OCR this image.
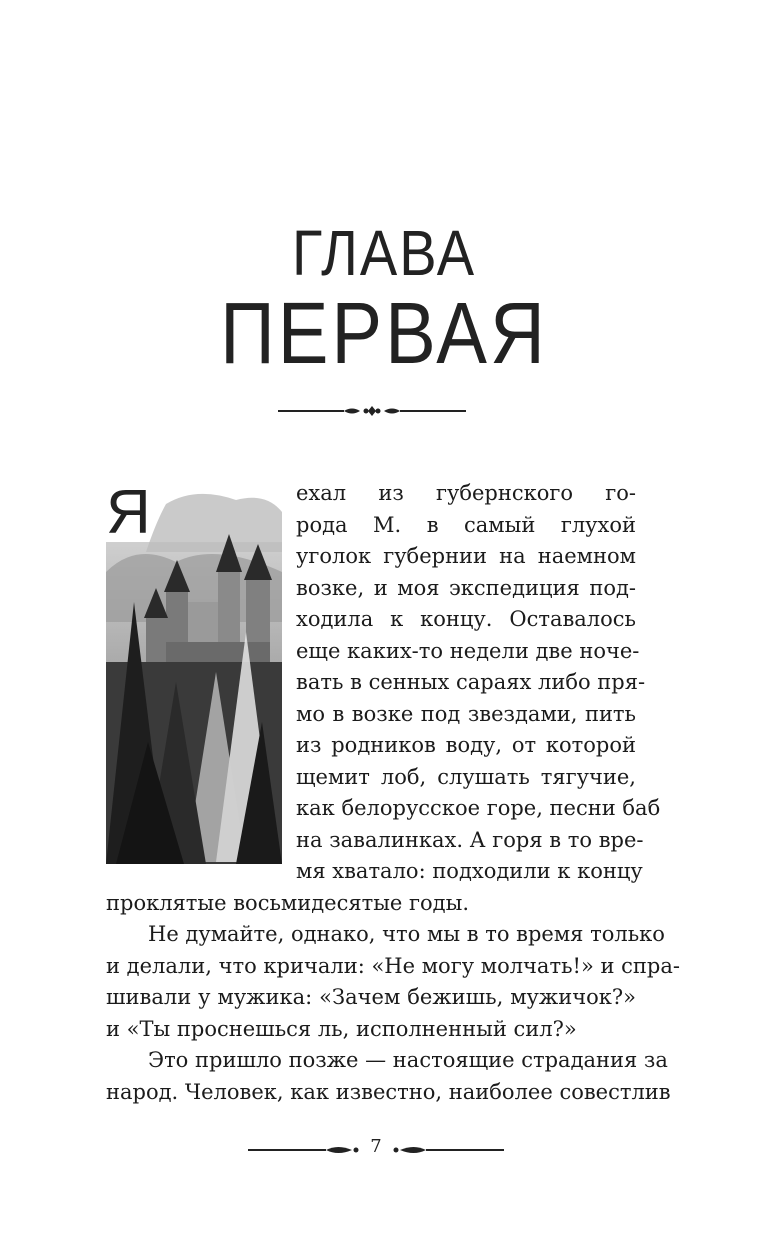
ГЛАВА
ПЕРВАЯ
Я	ехал из губернского го-
рода М. в самый глухой
уголок губернии на наемном
возке, и моя экспедиция под-
ходила к концу. Оставалось
еще каких-то недели две ноче-
вать в сенных сараях либо пря-
мо в возке под звездами, пить
из родников воду, от которой
щемит лоб, слушать тягучие,
как белорусское горе, песни баб
на завалинках. А горя в то вре-
мя хватало: подходили к концу
проклятые восьмидесятые годы.
Не думайте, однако, что мы в то время только
и делали, что кричали: «Не могу молчать!» и спра-
шивали у мужика: «Зачем бежишь, мужичок?»
и «Ты проснешься ль, исполненный сил?»
Это пришло позже — настоящие страдания за
народ. Человек, как известно, наиболее совестлив
7
